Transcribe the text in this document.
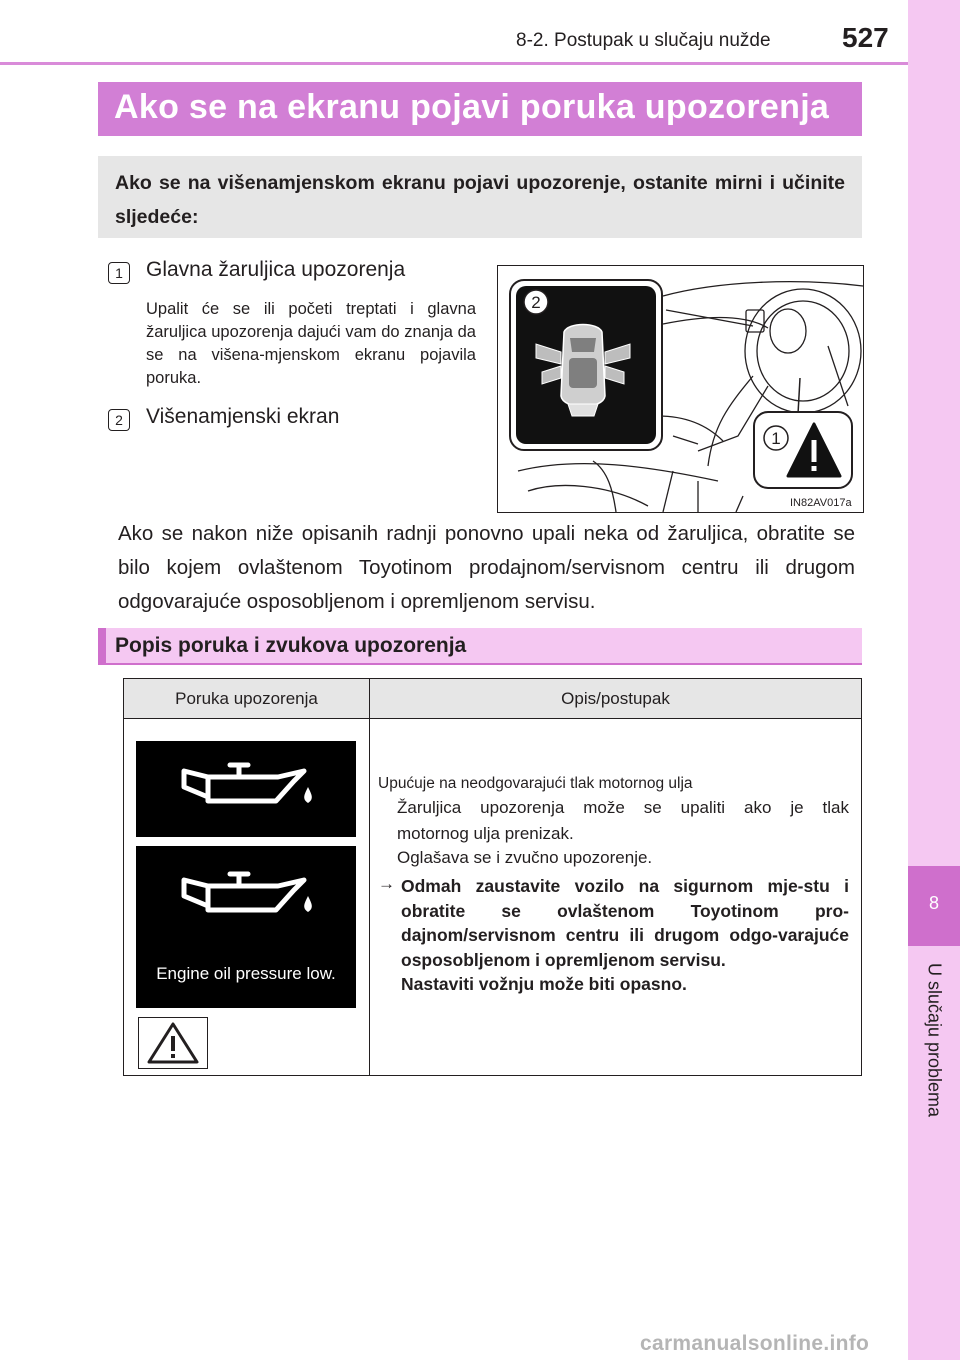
8-2. Postupak u slučaju nužde	527
8
U slučaju problema
Ako se na ekranu pojavi poruka upozorenja
Ako se na višenamjenskom ekranu pojavi upozorenje, ostanite mirni i učinite sljedeće:
1	Glavna žaruljica upozorenja
Upalit će se ili početi treptati i glavna žaruljica upozorenja dajući vam do znanja da se na višena-mjenskom ekranu pojavila poruka.
2	Višenamjenski ekran
2
1
IN82AV017a
Ako se nakon niže opisanih radnji ponovno upali neka od žaruljica, obratite se bilo kojem ovlaštenom Toyotinom prodajnom/servisnom centru ili drugom odgovarajuće osposobljenom i opremljenom servisu.
Popis poruka i zvukova upozorenja
Poruka upozorenja	Opis/postupak
Engine oil pressure low.
Upućuje na neodgovarajući tlak motornog ulja
Žaruljica upozorenja može se upaliti ako je tlak
motornog ulja prenizak.
Oglašava se i zvučno upozorenje.
→ Odmah zaustavite vozilo na sigurnom mje-stu i obratite se ovlaštenom Toyotinom pro-dajnom/servisnom centru ili drugom odgo-varajuće osposobljenom i opremljenom servisu.
Nastaviti vožnju može biti opasno.
carmanualsonline.info
